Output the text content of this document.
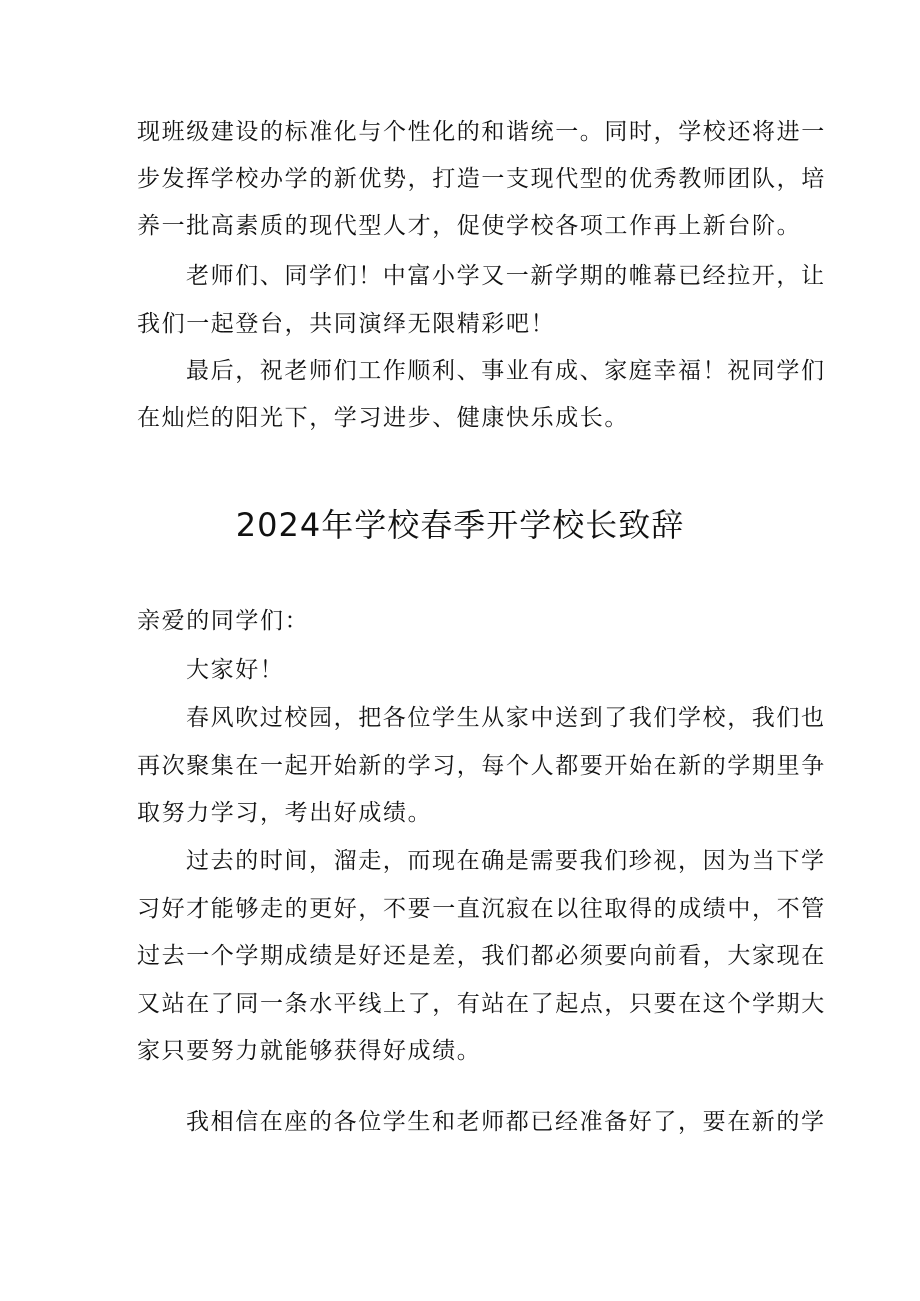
现班级建设的标准化与个性化的和谐统一。同时，学校还将进一
步发挥学校办学的新优势，打造一支现代型的优秀教师团队，培
养一批高素质的现代型人才，促使学校各项工作再上新台阶。
老师们、同学们！中富小学又一新学期的帷幕已经拉开，让
我们一起登台，共同演绎无限精彩吧！
最后，祝老师们工作顺利、事业有成、家庭幸福！祝同学们
在灿烂的阳光下，学习进步、健康快乐成长。
2024年学校春季开学校长致辞
亲爱的同学们：
大家好！
春风吹过校园，把各位学生从家中送到了我们学校，我们也
再次聚集在一起开始新的学习，每个人都要开始在新的学期里争
取努力学习，考出好成绩。
过去的时间，溜走，而现在确是需要我们珍视，因为当下学
习好才能够走的更好，不要一直沉寂在以往取得的成绩中，不管
过去一个学期成绩是好还是差，我们都必须要向前看，大家现在
又站在了同一条水平线上了，有站在了起点，只要在这个学期大
家只要努力就能够获得好成绩。
我相信在座的各位学生和老师都已经准备好了，要在新的学
